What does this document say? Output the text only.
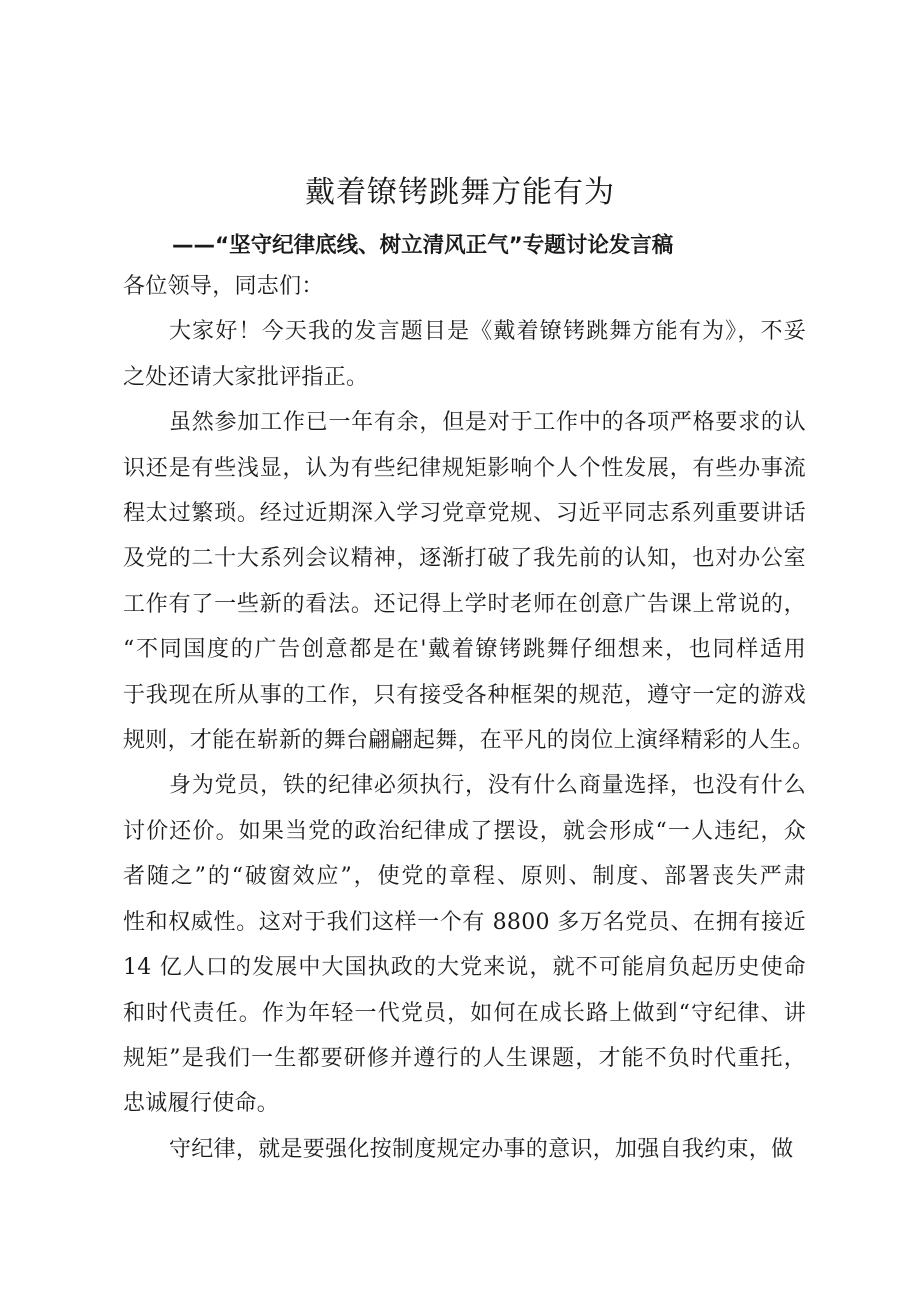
戴着镣铐跳舞方能有为
——“坚守纪律底线、树立清风正气”专题讨论发言稿

各位领导，同志们：

大家好！今天我的发言题目是《戴着镣铐跳舞方能有为》，不妥
之处还请大家批评指正。
虽然参加工作已一年有余，但是对于工作中的各项严格要求的认
识还是有些浅显，认为有些纪律规矩影响个人个性发展，有些办事流
程太过繁琐。经过近期深入学习党章党规、习近平同志系列重要讲话
及党的二十大系列会议精神，逐渐打破了我先前的认知，也对办公室
工作有了一些新的看法。还记得上学时老师在创意广告课上常说的，
“不同国度的广告创意都是在'戴着镣铐跳舞仔细想来，也同样适用
于我现在所从事的工作，只有接受各种框架的规范，遵守一定的游戏
规则，才能在崭新的舞台翩翩起舞，在平凡的岗位上演绎精彩的人生。
身为党员，铁的纪律必须执行，没有什么商量选择，也没有什么
讨价还价。如果当党的政治纪律成了摆设，就会形成“一人违纪，众
者随之”的“破窗效应”，使党的章程、原则、制度、部署丧失严肃
性和权威性。这对于我们这样一个有 8800 多万名党员、在拥有接近
14 亿人口的发展中大国执政的大党来说，就不可能肩负起历史使命
和时代责任。作为年轻一代党员，如何在成长路上做到“守纪律、讲
规矩”是我们一生都要研修并遵行的人生课题，才能不负时代重托，
忠诚履行使命。
守纪律，就是要强化按制度规定办事的意识，加强自我约束，做
